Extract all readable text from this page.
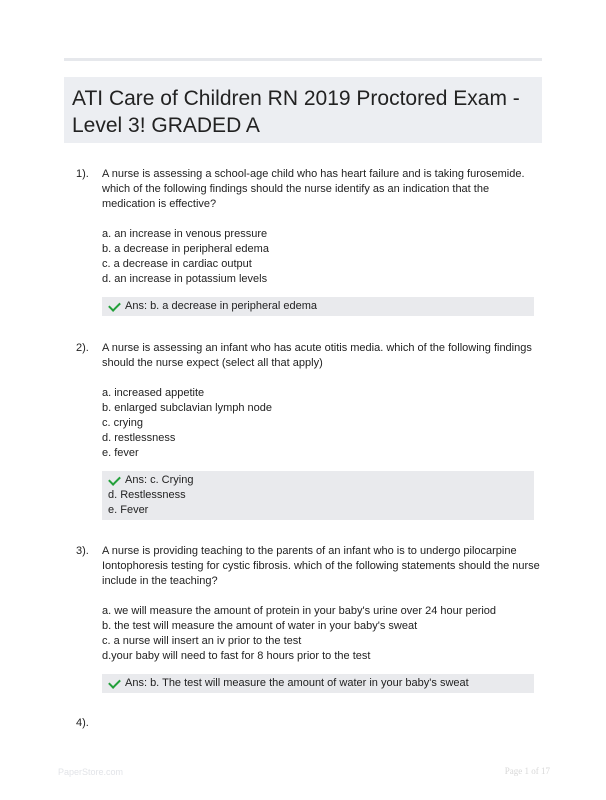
ATI Care of Children RN 2019 Proctored Exam - Level 3! GRADED A
1). A nurse is assessing a school-age child who has heart failure and is taking furosemide. which of the following findings should the nurse identify as an indication that the medication is effective?

a. an increase in venous pressure
b. a decrease in peripheral edema
c. a decrease in cardiac output
d. an increase in potassium levels
Ans: b. a decrease in peripheral edema
2). A nurse is assessing an infant who has acute otitis media. which of the following findings should the nurse expect (select all that apply)

a. increased appetite
b. enlarged subclavian lymph node
c. crying
d. restlessness
e. fever
Ans: c. Crying
d. Restlessness
e. Fever
3). A nurse is providing teaching to the parents of an infant who is to undergo pilocarpine Iontophoresis testing for cystic fibrosis. which of the following statements should the nurse include in the teaching?

a. we will measure the amount of protein in your baby's urine over 24 hour period
b. the test will measure the amount of water in your baby's sweat
c. a nurse will insert an iv prior to the test
d.your baby will need to fast for 8 hours prior to the test
Ans: b. The test will measure the amount of water in your baby's sweat
4).
PaperStore.com	Page 1 of 17
